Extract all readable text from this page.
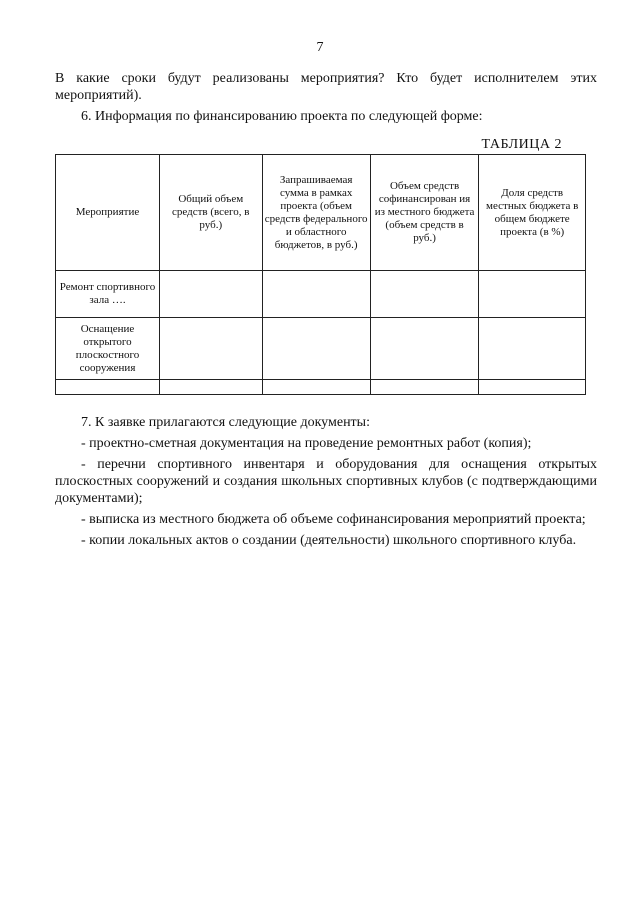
7

В какие сроки будут реализованы мероприятия? Кто будет исполнителем этих мероприятий).

6. Информация по финансированию проекта по следующей форме:

ТАБЛИЦА 2
Мероприятие	Общий объем средств (всего, в руб.)	Запрашиваемая сумма в рамках проекта (объем средств федерального и областного бюджетов, в руб.)	Объем средств софинансирован ия из местного бюджета (объем средств в руб.)	Доля средств местных бюджета в общем бюджете проекта (в %)
Ремонт спортивного зала ….				
Оснащение открытого плоскостного сооружения				

7. К заявке прилагаются следующие документы:
- проектно-сметная документация на проведение ремонтных работ (копия);
- перечни спортивного инвентаря и оборудования для оснащения открытых плоскостных сооружений и создания школьных спортивных клубов (с подтверждающими документами);
- выписка из местного бюджета об объеме софинансирования мероприятий проекта;
- копии локальных актов о создании (деятельности) школьного спортивного клуба.
